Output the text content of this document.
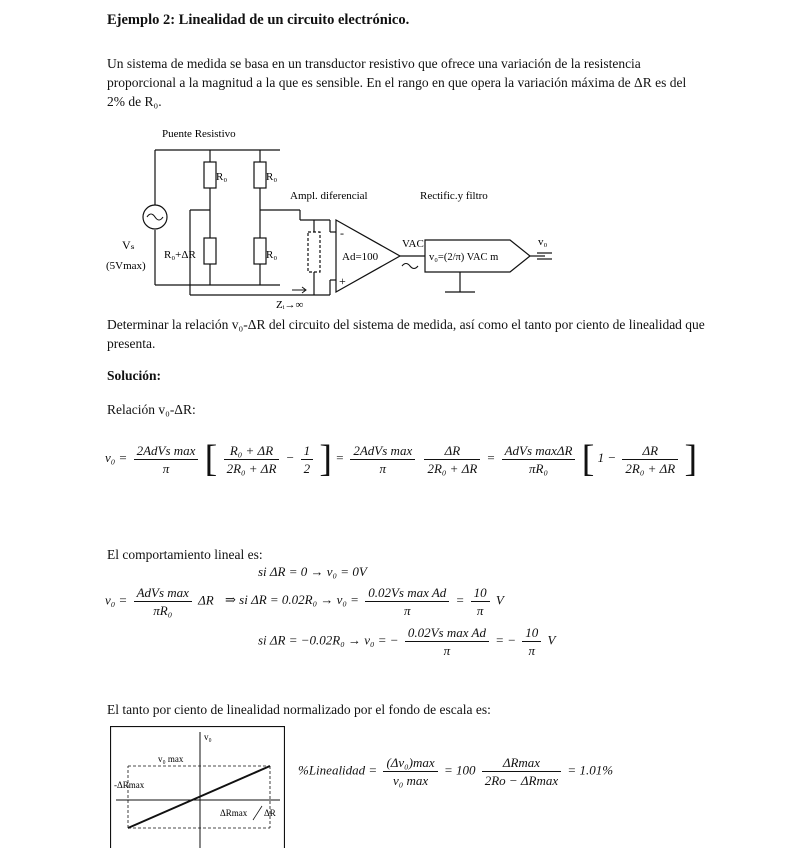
Ejemplo 2: Linealidad de un circuito electrónico.
Un sistema de medida se basa en un transductor resistivo que ofrece una variación de la resistencia proporcional a la magnitud a la que es sensible. En el rango en que opera la variación máxima de ΔR es del 2% de R₀.
Puente Resistivo
R₀	R₀
R₀+ΔR	R₀
Vₛ
(5Vmax)
Ampl. diferencial	Rectific.y filtro
-
+
Ad=100
VAC
v₀=(2/π) VAC m
Zᵢ→∞
v₀
Determinar la relación v₀-ΔR del circuito del sistema de medida, así como el tanto por ciento de linealidad que presenta.
Solución:
Relación v₀-ΔR:
$v_0 = \frac{\text{2AdVs max}}{\pi}$ [ $\frac{\text{R₀ + ΔR}}{\text{2R₀ + ΔR}} - \frac{1}{2}$ ] = $\frac{\text{2AdVs max}}{\pi}$
$\frac{\Delta R}{\text{2R₀ + ΔR}} = \frac{\text{AdVs maxΔR}}{\text{πR₀}}$ [ $1 - \frac{\Delta R}{\text{2R₀ + ΔR}}$ ]
El comportamiento lineal es:
si ΔR = 0 → v₀ = 0V
$v_0 = \frac{\text{AdVs max}}{\text{πR₀}}$ ΔR ⇒ si $\Delta R = 0.02R_0 \to v_0 = \frac{\text{0.02Vs max Ad}}{\pi} = \frac{10}{\pi}$ V
si ΔR = −0.02R₀ → v₀ = − $\frac{\text{0.02Vs max Ad}}{\pi}$ = − $\frac{10}{\pi}$ V
El tanto por ciento de linealidad normalizado por el fondo de escala es:
v₀
v₀ max
-ΔRmax
ΔRmax ΔR
%Linealidad = $\frac{\text{(Δv₀)max}}{\text{v₀ max}} = 100 \frac{\Delta Rmax}{2Ro - \Delta Rmax} = 1.01\%$
